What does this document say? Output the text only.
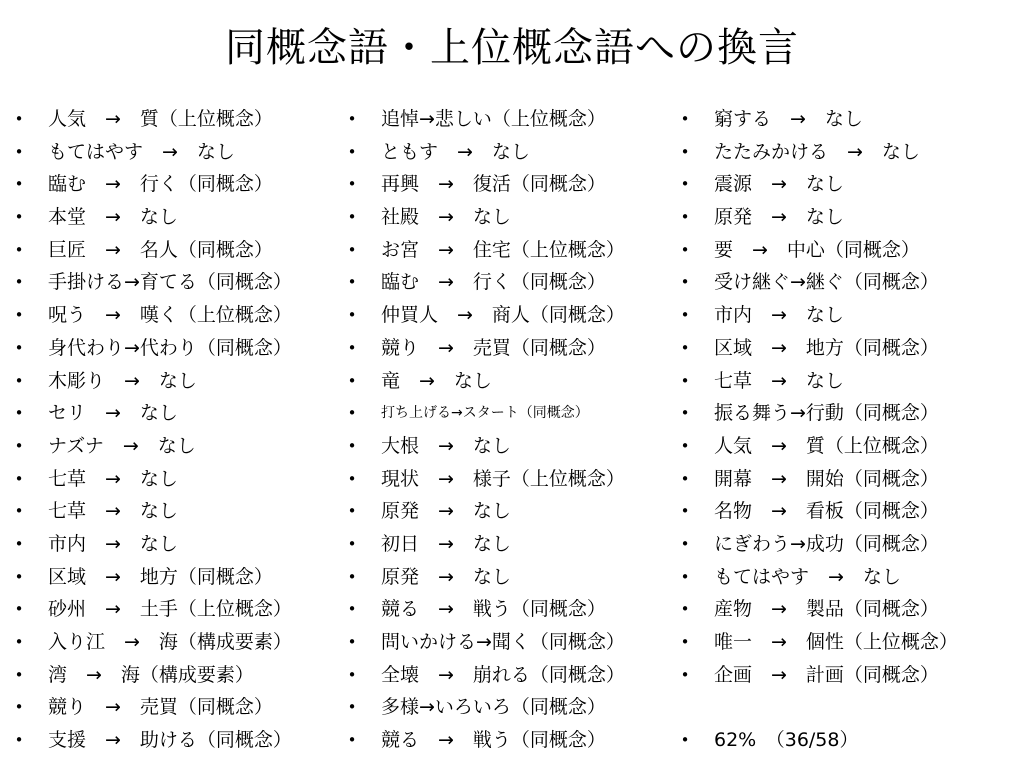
同概念語・上位概念語への換言
• 人気　→　質（上位概念）
• もてはやす　→　なし
• 臨む　→　行く（同概念）
• 本堂　→　なし
• 巨匠　→　名人（同概念）
• 手掛ける→育てる（同概念）
• 呪う　→　嘆く（上位概念）
• 身代わり→代わり（同概念）
• 木彫り　→　なし
• セリ　→　なし
• ナズナ　→　なし
• 七草　→　なし
• 七草　→　なし
• 市内　→　なし
• 区域　→　地方（同概念）
• 砂州　→　土手（上位概念）
• 入り江　→　海（構成要素）
• 湾　→　海（構成要素）
• 競り　→　売買（同概念）
• 支援　→　助ける（同概念）
• 追悼→悲しい（上位概念）
• ともす　→　なし
• 再興　→　復活（同概念）
• 社殿　→　なし
• お宮　→　住宅（上位概念）
• 臨む　→　行く（同概念）
• 仲買人　→　商人（同概念）
• 競り　→　売買（同概念）
• 竜　→　なし
• 打ち上げる→スタート（同概念）
• 大根　→　なし
• 現状　→　様子（上位概念）
• 原発　→　なし
• 初日　→　なし
• 原発　→　なし
• 競る　→　戦う（同概念）
• 問いかける→聞く（同概念）
• 全壊　→　崩れる（同概念）
• 多様→いろいろ（同概念）
• 競る　→　戦う（同概念）
• 窮する　→　なし
• たたみかける　→　なし
• 震源　→　なし
• 原発　→　なし
• 要　→　中心（同概念）
• 受け継ぐ→継ぐ（同概念）
• 市内　→　なし
• 区域　→　地方（同概念）
• 七草　→　なし
• 振る舞う→行動（同概念）
• 人気　→　質（上位概念）
• 開幕　→　開始（同概念）
• 名物　→　看板（同概念）
• にぎわう→成功（同概念）
• もてはやす　→　なし
• 産物　→　製品（同概念）
• 唯一　→　個性（上位概念）
• 企画　→　計画（同概念）
• 62%　（36/58）
